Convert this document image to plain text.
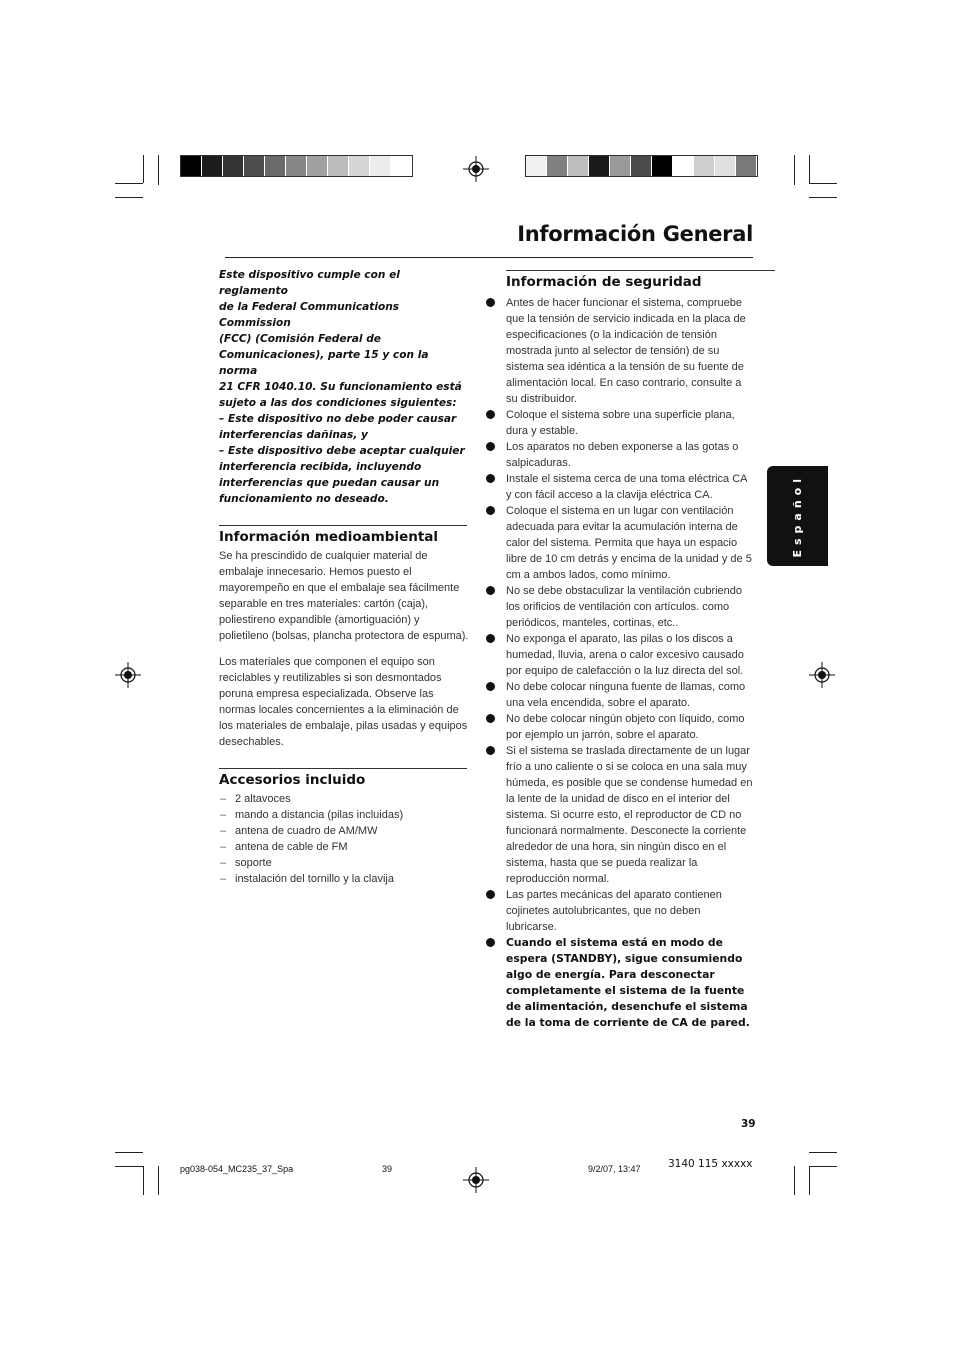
Información General
Este dispositivo cumple con el reglamento
de la Federal Communications Commission
(FCC) (Comisión Federal de
Comunicaciones), parte 15 y con la norma
21 CFR 1040.10. Su funcionamiento está
sujeto a las dos condiciones siguientes:
– Este dispositivo no debe poder causar
interferencias dañinas, y
– Este dispositivo debe aceptar cualquier
interferencia recibida, incluyendo
interferencias que puedan causar un
funcionamiento no deseado.
Información medioambiental

Se ha prescindido de cualquier material de embalaje innecesario. Hemos puesto el mayorempeño en que el embalaje sea fácilmente separable en tres materiales: cartón (caja), poliestireno expandible (amortiguación) y polietileno (bolsas, plancha protectora de espuma).

Los materiales que componen el equipo son reciclables y reutilizables si son desmontados poruna empresa especializada. Observe las normas locales concernientes a la eliminación de los materiales de embalaje, pilas usadas y equipos desechables.

Accesorios incluido
– 2 altavoces
– mando a distancia (pilas incluidas)
– antena de cuadro de AM/MW
– antena de cable de FM
– soporte
– instalación del tornillo y la clavija
Información de seguridad
Antes de hacer funcionar el sistema, compruebe que la tensión de servicio indicada en la placa de especificaciones (o la indicación de tensión mostrada junto al selector de tensión) de su sistema sea idéntica a la tensión de su fuente de alimentación local. En caso contrario, consulte a su distribuidor.
Coloque el sistema sobre una superficie plana, dura y estable.
Los aparatos no deben exponerse a las gotas o salpicaduras.
Instale el sistema cerca de una toma eléctrica CA y con fácil acceso a la clavija eléctrica CA.
Coloque el sistema en un lugar con ventilación adecuada para evitar la acumulación interna de calor del sistema. Permita que haya un espacio libre de 10 cm detrás y encima de la unidad y de 5 cm a ambos lados, como mínimo.
No se debe obstaculizar la ventilación cubriendo los orificios de ventilación con artículos. como periódicos, manteles, cortinas, etc..
No exponga el aparato, las pilas o los discos a humedad, lluvia, arena o calor excesivo causado por equipo de calefacción o la luz directa del sol.
No debe colocar ninguna fuente de llamas, como una vela encendida, sobre el aparato.
No debe colocar ningún objeto con líquido, como por ejemplo un jarrón, sobre el aparato.
Si el sistema se traslada directamente de un lugar frío a uno caliente o si se coloca en una sala muy húmeda, es posible que se condense humedad en la lente de la unidad de disco en el interior del sistema. Si ocurre esto, el reproductor de CD no funcionará normalmente. Desconecte la corriente alrededor de una hora, sin ningún disco en el sistema, hasta que se pueda realizar la reproducción normal.
Las partes mecánicas del aparato contienen cojinetes autolubricantes, que no deben lubricarse.
Cuando el sistema está en modo de espera (STANDBY), sigue consumiendo algo de energía. Para desconectar completamente el sistema de la fuente de alimentación, desenchufe el sistema de la toma de corriente de CA de pared.
Español
39
pg038-054_MC235_37_Spa	39	9/2/07, 13:47	3140 115 xxxxx
